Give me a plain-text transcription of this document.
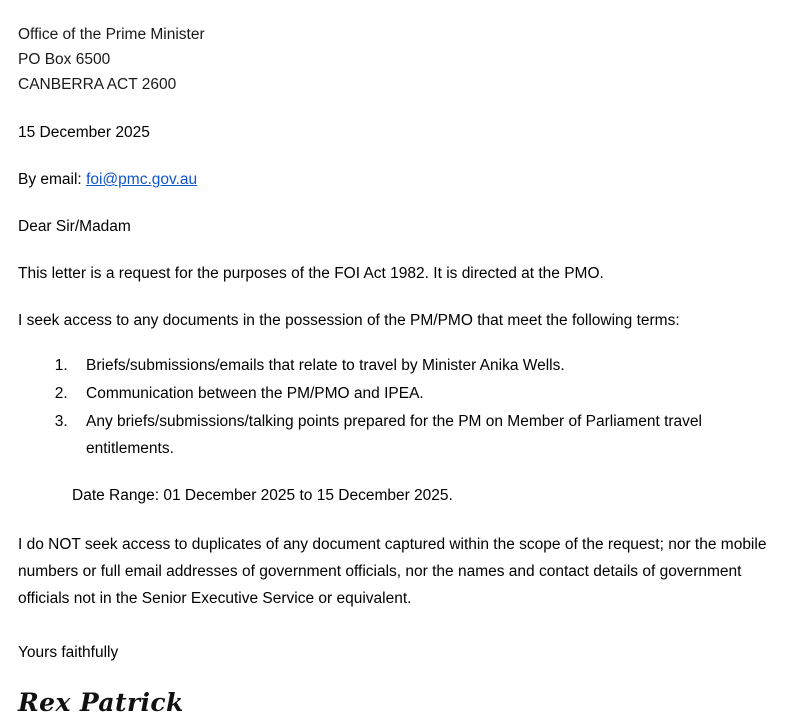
Office of the Prime Minister
PO Box 6500
CANBERRA ACT 2600
15 December 2025
By email: foi@pmc.gov.au
Dear Sir/Madam
This letter is a request for the purposes of the FOI Act 1982. It is directed at the PMO.
I seek access to any documents in the possession of the PM/PMO that meet the following terms:
1. Briefs/submissions/emails that relate to travel by Minister Anika Wells.
2. Communication between the PM/PMO and IPEA.
3. Any briefs/submissions/talking points prepared for the PM on Member of Parliament travel entitlements.
Date Range: 01 December 2025 to 15 December 2025.
I do NOT seek access to duplicates of any document captured within the scope of the request; nor the mobile numbers or full email addresses of government officials, nor the names and contact details of government officials not in the Senior Executive Service or equivalent.
Yours faithfully
Rex Patrick
